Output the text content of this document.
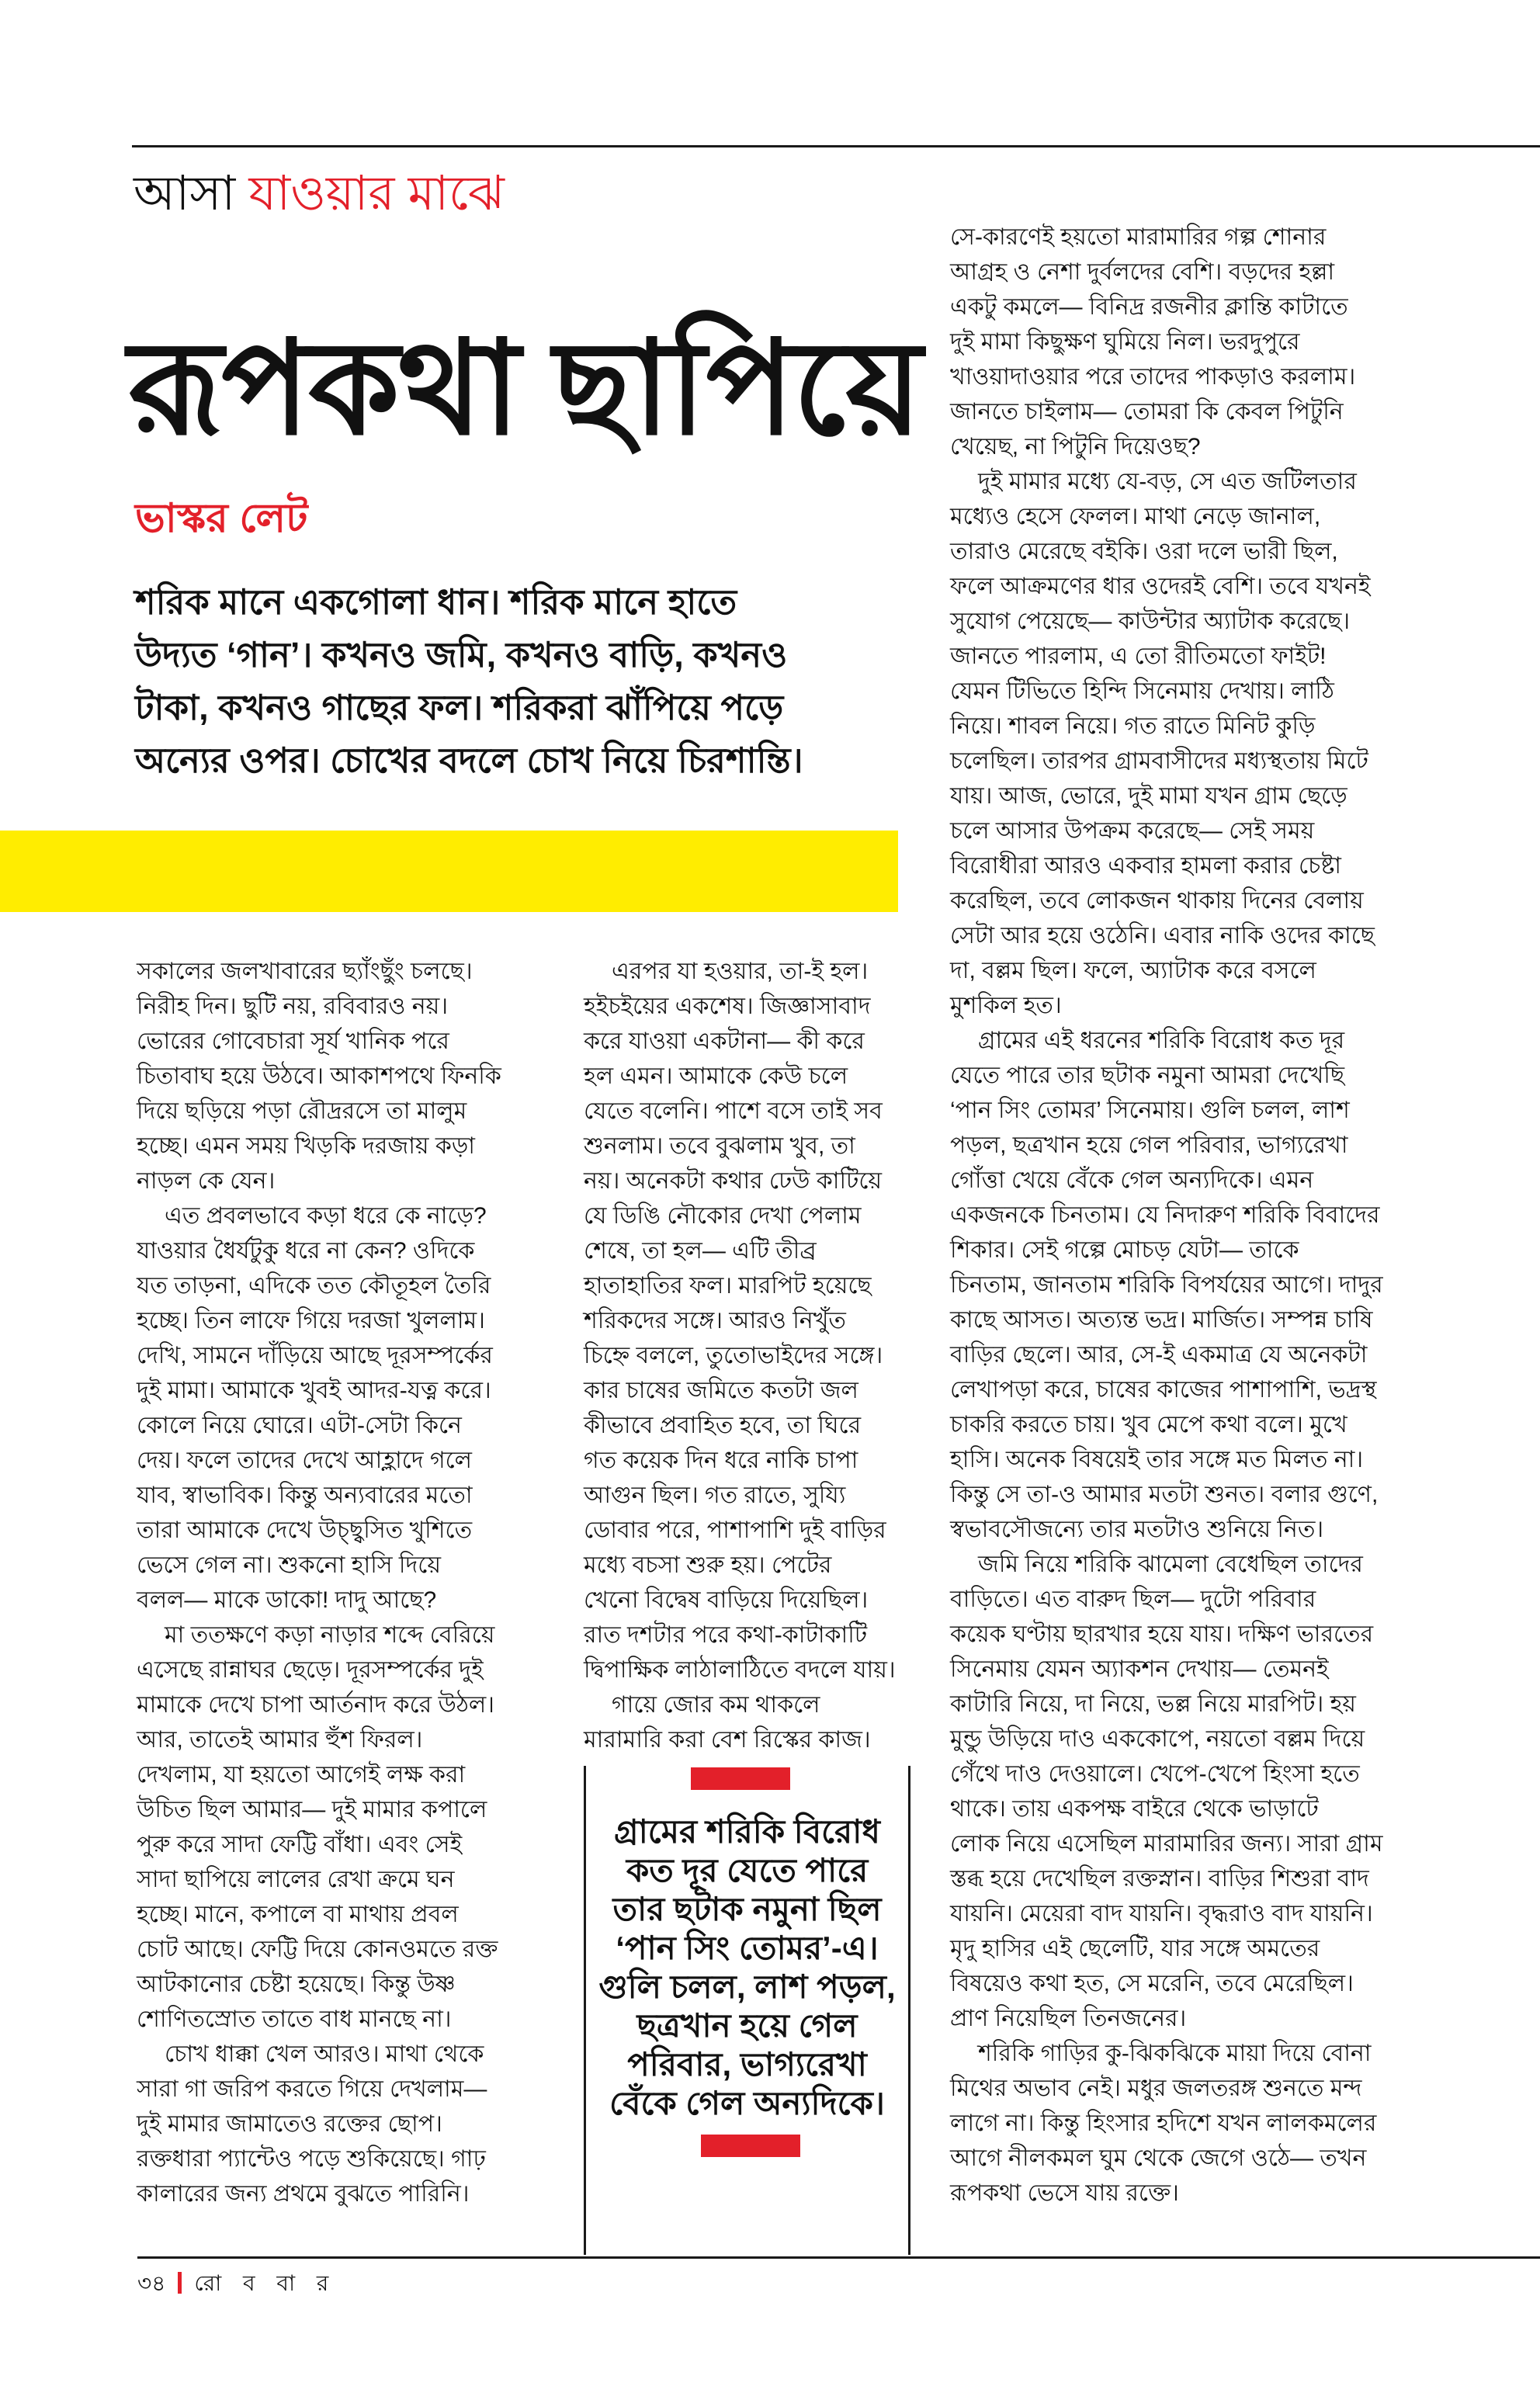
আসা যাওয়ার মাঝে
রূপকথা ছাপিয়ে
ভাস্কর লেট
শরিক মানে একগোলা ধান। শরিক মানে হাতে
উদ্যত ‘গান’। কখনও জমি, কখনও বাড়ি, কখনও
টাকা, কখনও গাছের ফল। শরিকরা ঝাঁপিয়ে পড়ে
অন্যের ওপর। চোখের বদলে চোখ নিয়ে চিরশান্তি।
সকালের জলখাবারের ছ্যাঁংছুঁং চলছে।
নিরীহ দিন। ছুটি নয়, রবিবারও নয়।
ভোরের গোবেচারা সূর্য খানিক পরে
চিতাবাঘ হয়ে উঠবে। আকাশপথে ফিনকি
দিয়ে ছড়িয়ে পড়া রৌদ্ররসে তা মালুম
হচ্ছে। এমন সময় খিড়কি দরজায় কড়া
নাড়ল কে যেন।
এত প্রবলভাবে কড়া ধরে কে নাড়ে?
যাওয়ার ধৈর্যটুকু ধরে না কেন? ওদিকে
যত তাড়না, এদিকে তত কৌতূহল তৈরি
হচ্ছে। তিন লাফে গিয়ে দরজা খুললাম।
দেখি, সামনে দাঁড়িয়ে আছে দূরসম্পর্কের
দুই মামা। আমাকে খুবই আদর-যত্ন করে।
কোলে নিয়ে ঘোরে। এটা-সেটা কিনে
দেয়। ফলে তাদের দেখে আহ্লাদে গলে
যাব, স্বাভাবিক। কিন্তু অন্যবারের মতো
তারা আমাকে দেখে উচ্ছ্বসিত খুশিতে
ভেসে গেল না। শুকনো হাসি দিয়ে
বলল— মাকে ডাকো! দাদু আছে?
মা ততক্ষণে কড়া নাড়ার শব্দে বেরিয়ে
এসেছে রান্নাঘর ছেড়ে। দূরসম্পর্কের দুই
মামাকে দেখে চাপা আর্তনাদ করে উঠল।
আর, তাতেই আমার হুঁশ ফিরল।
দেখলাম, যা হয়তো আগেই লক্ষ করা
উচিত ছিল আমার— দুই মামার কপালে
পুরু করে সাদা ফেট্টি বাঁধা। এবং সেই
সাদা ছাপিয়ে লালের রেখা ক্রমে ঘন
হচ্ছে। মানে, কপালে বা মাথায় প্রবল
চোট আছে। ফেট্টি দিয়ে কোনওমতে রক্ত
আটকানোর চেষ্টা হয়েছে। কিন্তু উষ্ণ
শোণিতস্রোত তাতে বাধ মানছে না।
চোখ ধাক্কা খেল আরও। মাথা থেকে
সারা গা জরিপ করতে গিয়ে দেখলাম—
দুই মামার জামাতেও রক্তের ছোপ।
রক্তধারা প্যান্টেও পড়ে শুকিয়েছে। গাঢ়
কালারের জন্য প্রথমে বুঝতে পারিনি।
এরপর যা হওয়ার, তা-ই হল।
হইচইয়ের একশেষ। জিজ্ঞাসাবাদ
করে যাওয়া একটানা— কী করে
হল এমন। আমাকে কেউ চলে
যেতে বলেনি। পাশে বসে তাই সব
শুনলাম। তবে বুঝলাম খুব, তা
নয়। অনেকটা কথার ঢেউ কাটিয়ে
যে ডিঙি নৌকোর দেখা পেলাম
শেষে, তা হল— এটি তীব্র
হাতাহাতির ফল। মারপিট হয়েছে
শরিকদের সঙ্গে। আরও নিখুঁত
চিহ্নে বললে, তুতোভাইদের সঙ্গে।
কার চাষের জমিতে কতটা জল
কীভাবে প্রবাহিত হবে, তা ঘিরে
গত কয়েক দিন ধরে নাকি চাপা
আগুন ছিল। গত রাতে, সুয্যি
ডোবার পরে, পাশাপাশি দুই বাড়ির
মধ্যে বচসা শুরু হয়। পেটের
খেনো বিদ্বেষ বাড়িয়ে দিয়েছিল।
রাত দশটার পরে কথা-কাটাকাটি
দ্বিপাক্ষিক লাঠালাঠিতে বদলে যায়।
গায়ে জোর কম থাকলে
মারামারি করা বেশ রিস্কের কাজ।
সে-কারণেই হয়তো মারামারির গল্প শোনার
আগ্রহ ও নেশা দুর্বলদের বেশি। বড়দের হল্লা
একটু কমলে— বিনিদ্র রজনীর ক্লান্তি কাটাতে
দুই মামা কিছুক্ষণ ঘুমিয়ে নিল। ভরদুপুরে
খাওয়াদাওয়ার পরে তাদের পাকড়াও করলাম।
জানতে চাইলাম— তোমরা কি কেবল পিটুনি
খেয়েছ, না পিটুনি দিয়েওছ?
দুই মামার মধ্যে যে-বড়, সে এত জটিলতার
মধ্যেও হেসে ফেলল। মাথা নেড়ে জানাল,
তারাও মেরেছে বইকি। ওরা দলে ভারী ছিল,
ফলে আক্রমণের ধার ওদেরই বেশি। তবে যখনই
সুযোগ পেয়েছে— কাউন্টার অ্যাটাক করেছে।
জানতে পারলাম, এ তো রীতিমতো ফাইট!
যেমন টিভিতে হিন্দি সিনেমায় দেখায়। লাঠি
নিয়ে। শাবল নিয়ে। গত রাতে মিনিট কুড়ি
চলেছিল। তারপর গ্রামবাসীদের মধ্যস্থতায় মিটে
যায়। আজ, ভোরে, দুই মামা যখন গ্রাম ছেড়ে
চলে আসার উপক্রম করেছে— সেই সময়
বিরোধীরা আরও একবার হামলা করার চেষ্টা
করেছিল, তবে লোকজন থাকায় দিনের বেলায়
সেটা আর হয়ে ওঠেনি। এবার নাকি ওদের কাছে
দা, বল্লম ছিল। ফলে, অ্যাটাক করে বসলে
মুশকিল হত।
গ্রামের এই ধরনের শরিকি বিরোধ কত দূর
যেতে পারে তার ছটাক নমুনা আমরা দেখেছি
‘পান সিং তোমর’ সিনেমায়। গুলি চলল, লাশ
পড়ল, ছত্রখান হয়ে গেল পরিবার, ভাগ্যরেখা
গোঁত্তা খেয়ে বেঁকে গেল অন্যদিকে। এমন
একজনকে চিনতাম। যে নিদারুণ শরিকি বিবাদের
শিকার। সেই গল্পে মোচড় যেটা— তাকে
চিনতাম, জানতাম শরিকি বিপর্যয়ের আগে। দাদুর
কাছে আসত। অত্যন্ত ভদ্র। মার্জিত। সম্পন্ন চাষি
বাড়ির ছেলে। আর, সে-ই একমাত্র যে অনেকটা
লেখাপড়া করে, চাষের কাজের পাশাপাশি, ভদ্রস্থ
চাকরি করতে চায়। খুব মেপে কথা বলে। মুখে
হাসি। অনেক বিষয়েই তার সঙ্গে মত মিলত না।
কিন্তু সে তা-ও আমার মতটা শুনত। বলার গুণে,
স্বভাবসৌজন্যে তার মতটাও শুনিয়ে নিত।
জমি নিয়ে শরিকি ঝামেলা বেধেছিল তাদের
বাড়িতে। এত বারুদ ছিল— দুটো পরিবার
কয়েক ঘণ্টায় ছারখার হয়ে যায়। দক্ষিণ ভারতের
সিনেমায় যেমন অ্যাকশন দেখায়— তেমনই
কাটারি নিয়ে, দা নিয়ে, ভল্ল নিয়ে মারপিট। হয়
মুন্ডু উড়িয়ে দাও এককোপে, নয়তো বল্লম দিয়ে
গেঁথে দাও দেওয়ালে। খেপে-খেপে হিংসা হতে
থাকে। তায় একপক্ষ বাইরে থেকে ভাড়াটে
লোক নিয়ে এসেছিল মারামারির জন্য। সারা গ্রাম
স্তব্ধ হয়ে দেখেছিল রক্তস্নান। বাড়ির শিশুরা বাদ
যায়নি। মেয়েরা বাদ যায়নি। বৃদ্ধরাও বাদ যায়নি।
মৃদু হাসির এই ছেলেটি, যার সঙ্গে অমতের
বিষয়েও কথা হত, সে মরেনি, তবে মেরেছিল।
প্রাণ নিয়েছিল তিনজনের।
শরিকি গাড়ির কু-ঝিকঝিকে মায়া দিয়ে বোনা
মিথের অভাব নেই। মধুর জলতরঙ্গ শুনতে মন্দ
লাগে না। কিন্তু হিংসার হদিশে যখন লালকমলের
আগে নীলকমল ঘুম থেকে জেগে ওঠে— তখন
রূপকথা ভেসে যায় রক্তে।
গ্রামের শরিকি বিরোধ
কত দূর যেতে পারে
তার ছটাক নমুনা ছিল
‘পান সিং তোমর’-এ।
গুলি চলল, লাশ পড়ল,
ছত্রখান হয়ে গেল
পরিবার, ভাগ্যরেখা
বেঁকে গেল অন্যদিকে।
৩৪ রো ব বা র
